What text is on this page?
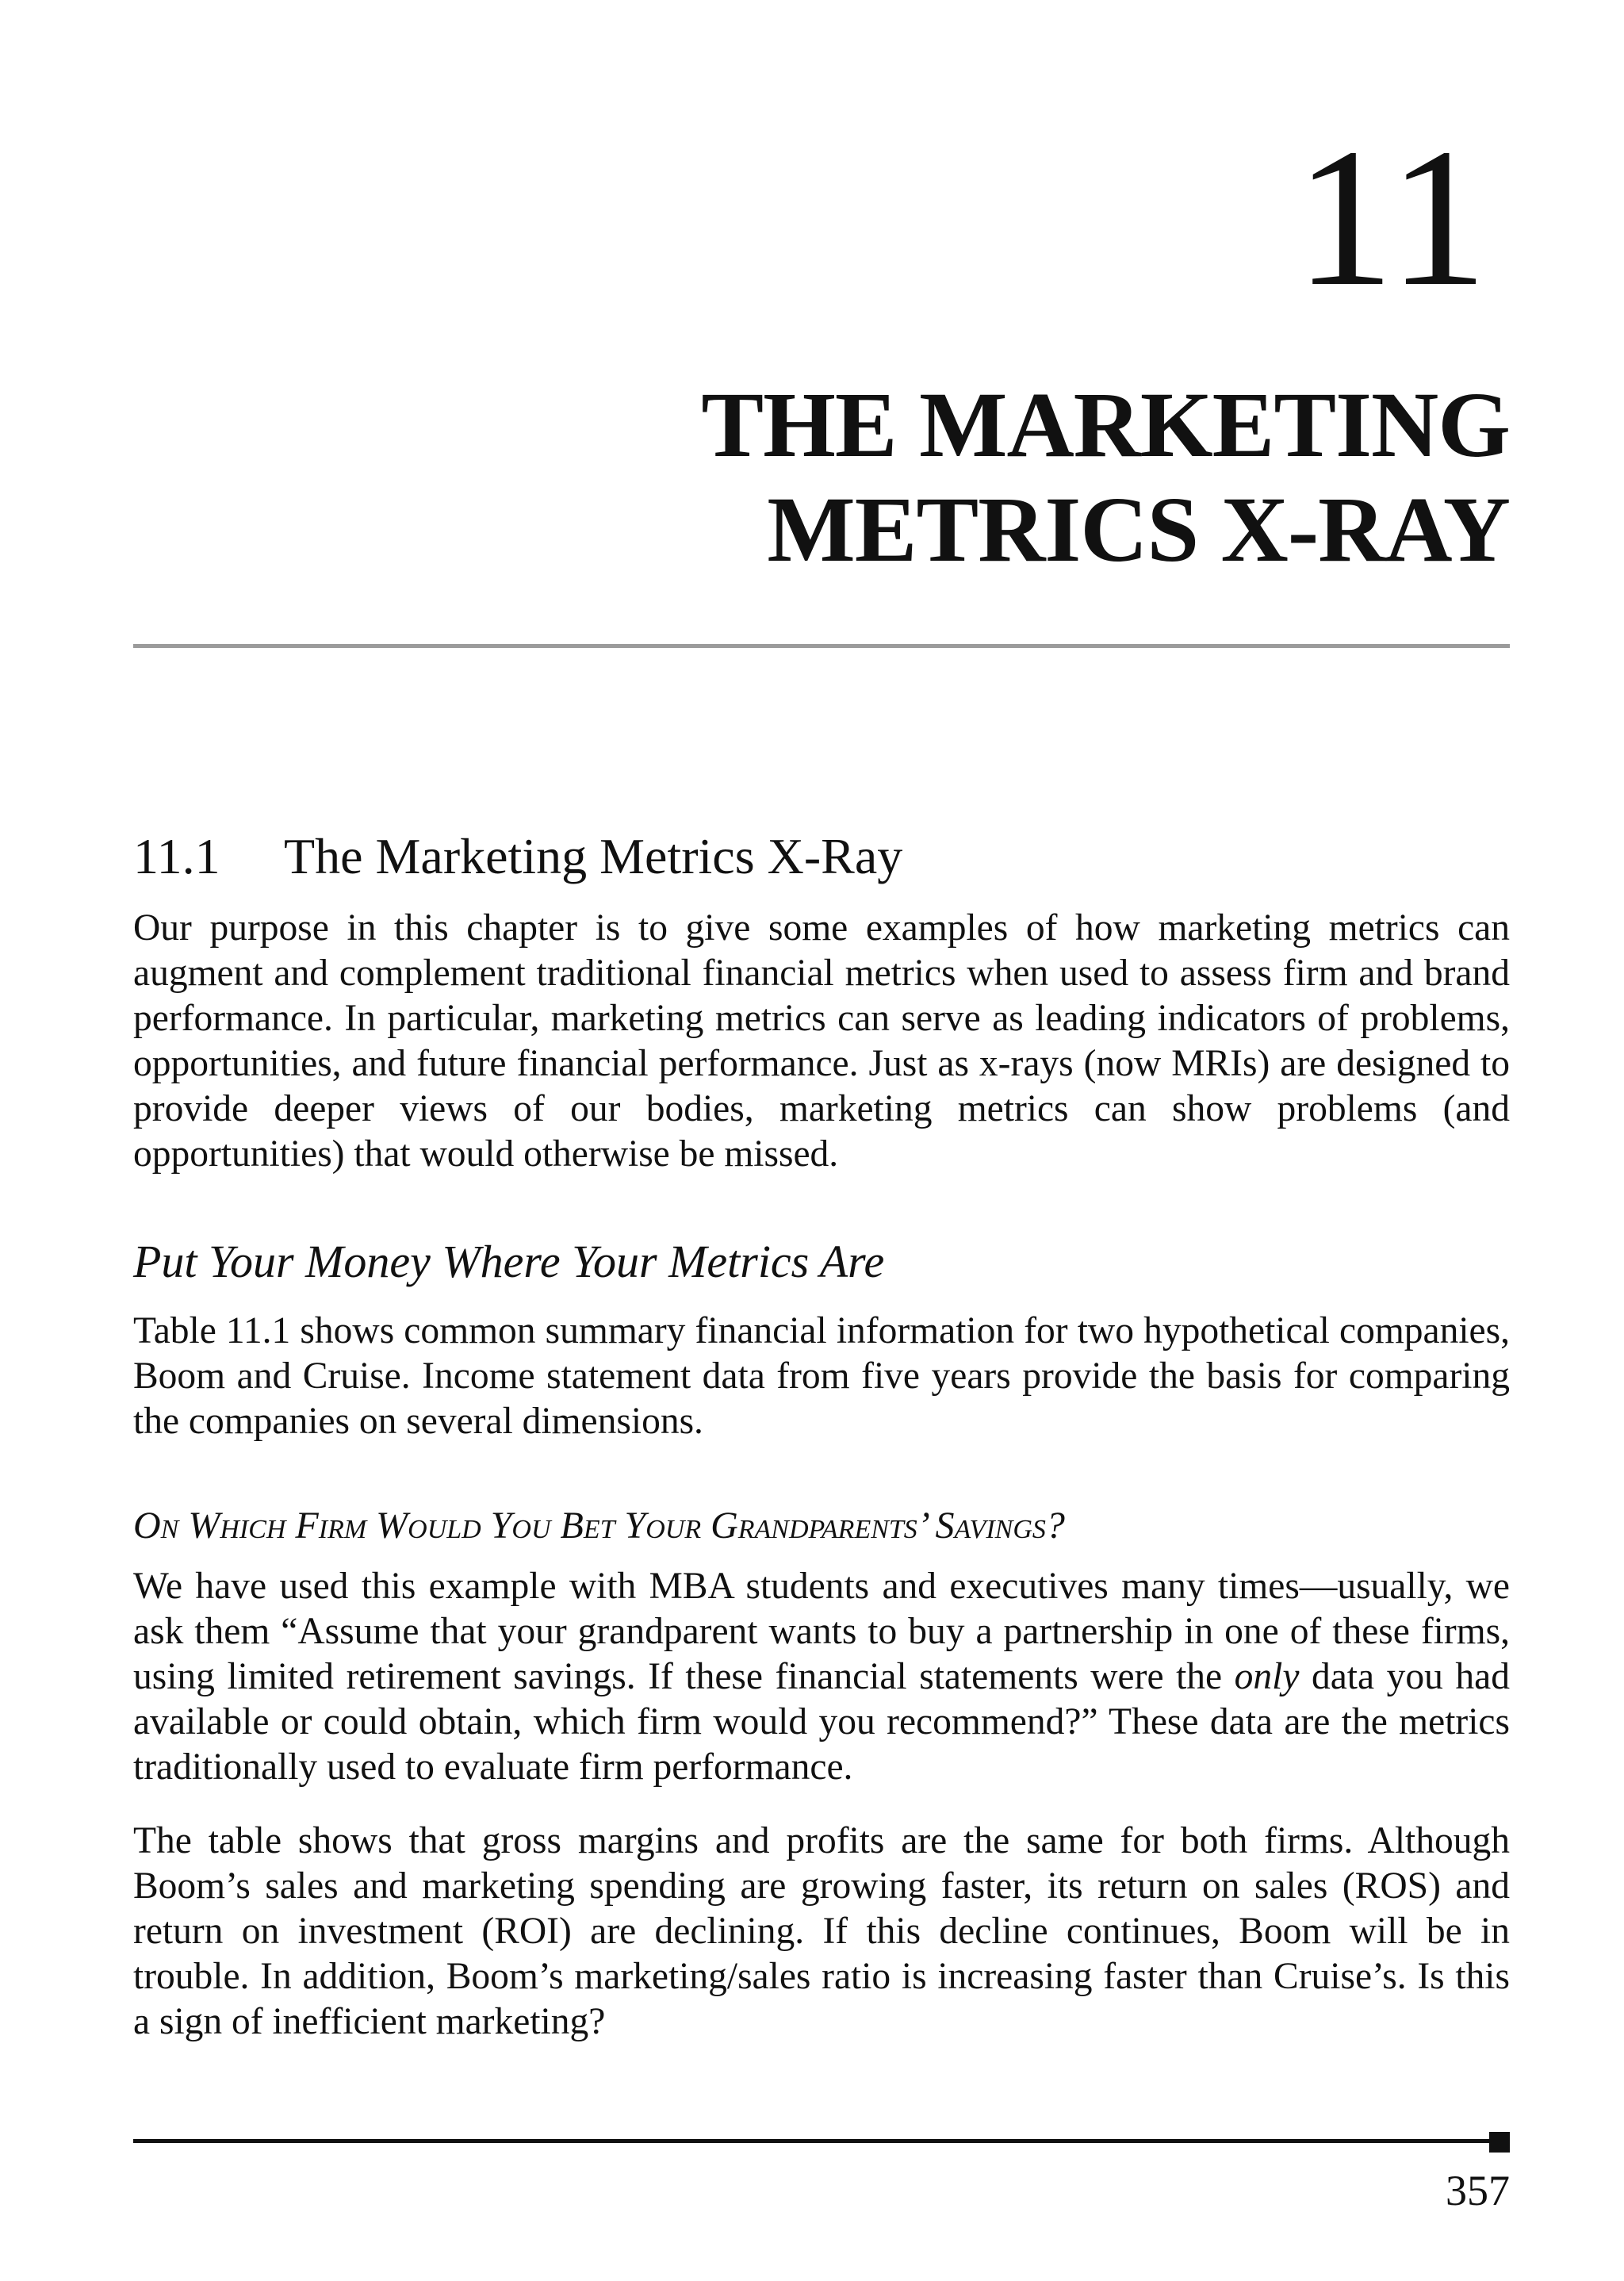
11
THE MARKETING
METRICS X-RAY
11.1 The Marketing Metrics X-Ray

Our purpose in this chapter is to give some examples of how marketing metrics can augment and complement traditional financial metrics when used to assess firm and brand performance. In particular, marketing metrics can serve as leading indicators of problems, opportunities, and future financial performance. Just as x-rays (now MRIs) are designed to provide deeper views of our bodies, marketing metrics can show problems (and opportunities) that would otherwise be missed.

Put Your Money Where Your Metrics Are

Table 11.1 shows common summary financial information for two hypothetical companies, Boom and Cruise. Income statement data from five years provide the basis for comparing the companies on several dimensions.

On Which Firm Would You Bet Your Grandparents’ Savings?

We have used this example with MBA students and executives many times—usually, we ask them “Assume that your grandparent wants to buy a partnership in one of these firms, using limited retirement savings. If these financial statements were the only data you had available or could obtain, which firm would you recommend?” These data are the metrics traditionally used to evaluate firm performance.

The table shows that gross margins and profits are the same for both firms. Although Boom’s sales and marketing spending are growing faster, its return on sales (ROS) and return on investment (ROI) are declining. If this decline continues, Boom will be in trouble. In addition, Boom’s marketing/sales ratio is increasing faster than Cruise’s. Is this a sign of inefficient marketing?

357
